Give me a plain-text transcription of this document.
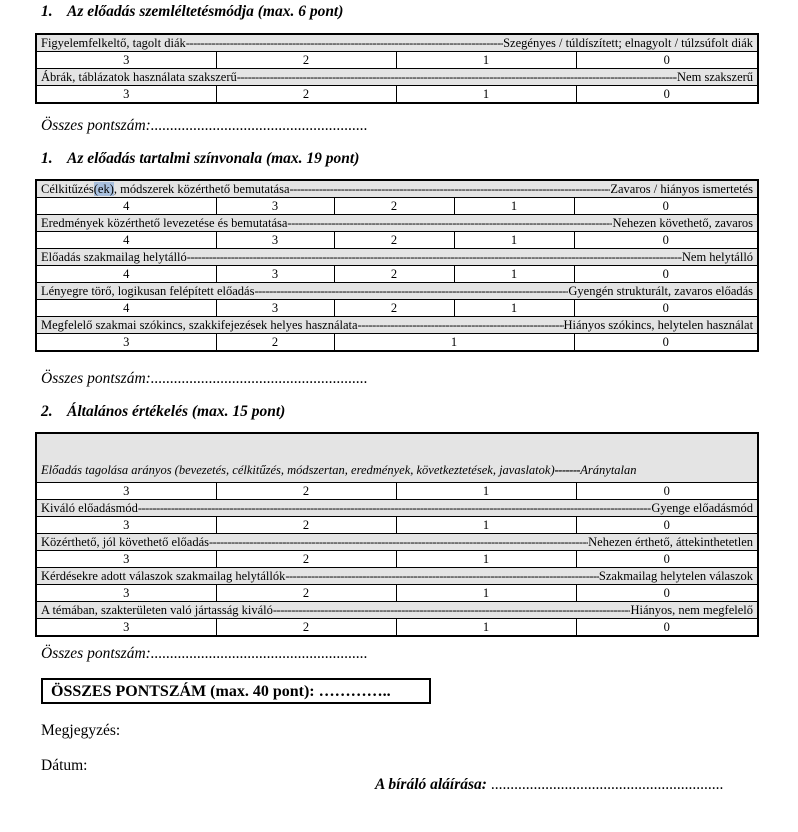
1. Az előadás szemléltetésmódja (max. 6 pont)
Figyelemfelkeltő, tagolt diák ----- Szegényes / túldíszített; elnagyolt / túlzsúfolt diák

3	2	1	0

Ábrák, táblázatok használata szakszerű ----- Nem szakszerű

3	2	1	0
Összes pontszám:........................................................
1. Az előadás tartalmi színvonala (max. 19 pont)
Célkitűzés(ek), módszerek közérthető bemutatása ----- Zavaros / hiányos ismertetés

4	3	2	1	0

Eredmények közérthető levezetése és bemutatása ----- Nehezen követhető, zavaros

4	3	2	1	0

Előadás szakmailag helytálló ----- Nem helytálló

4	3	2	1	0

Lényegre törő, logikusan felépített előadás ----- Gyengén strukturált, zavaros előadás

4	3	2	1	0

Megfelelő szakmai szókincs, szakkifejezések helyes használata ----- Hiányos szókincs, helytelen használat

3	2	1		0
Összes pontszám:........................................................
2. Általános értékelés (max. 15 pont)
Előadás tagolása arányos (bevezetés, célkitűzés, módszertan, eredmények, következtetések, javaslatok) ------- Aránytalan

3	2	1	0

Kiváló előadásmód ----- Gyenge előadásmód

3	2	1	0

Közérthető, jól követhető előadás ----- Nehezen érthető, áttekinthetetlen

3	2	1	0

Kérdésekre adott válaszok szakmailag helytállók ----- Szakmailag helytelen válaszok

3	2	1	0

A témában, szakterületen való jártasság kiváló ----- Hiányos, nem megfelelő

3	2	1	0
Összes pontszám:........................................................
ÖSSZES PONTSZÁM (max. 40 pont): …………..
Megjegyzés:
Dátum:
A bíráló aláírása: ............................................................
